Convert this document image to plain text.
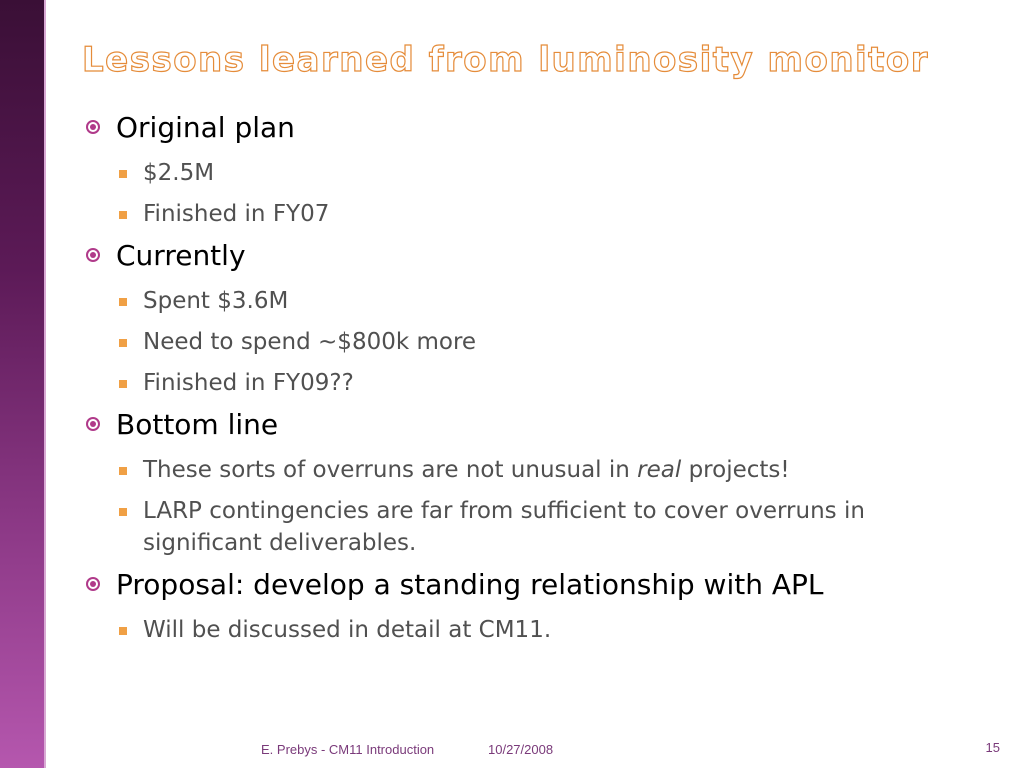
Lessons learned from luminosity monitor
Original plan
$2.5M
Finished in FY07
Currently
Spent $3.6M
Need to spend ~$800k more
Finished in FY09??
Bottom line
These sorts of overruns are not unusual in real projects!
LARP contingencies are far from sufficient to cover overruns in significant deliverables.
Proposal: develop a standing relationship with APL
Will be discussed in detail at CM11.
E. Prebys - CM11 Introduction	10/27/2008	15
